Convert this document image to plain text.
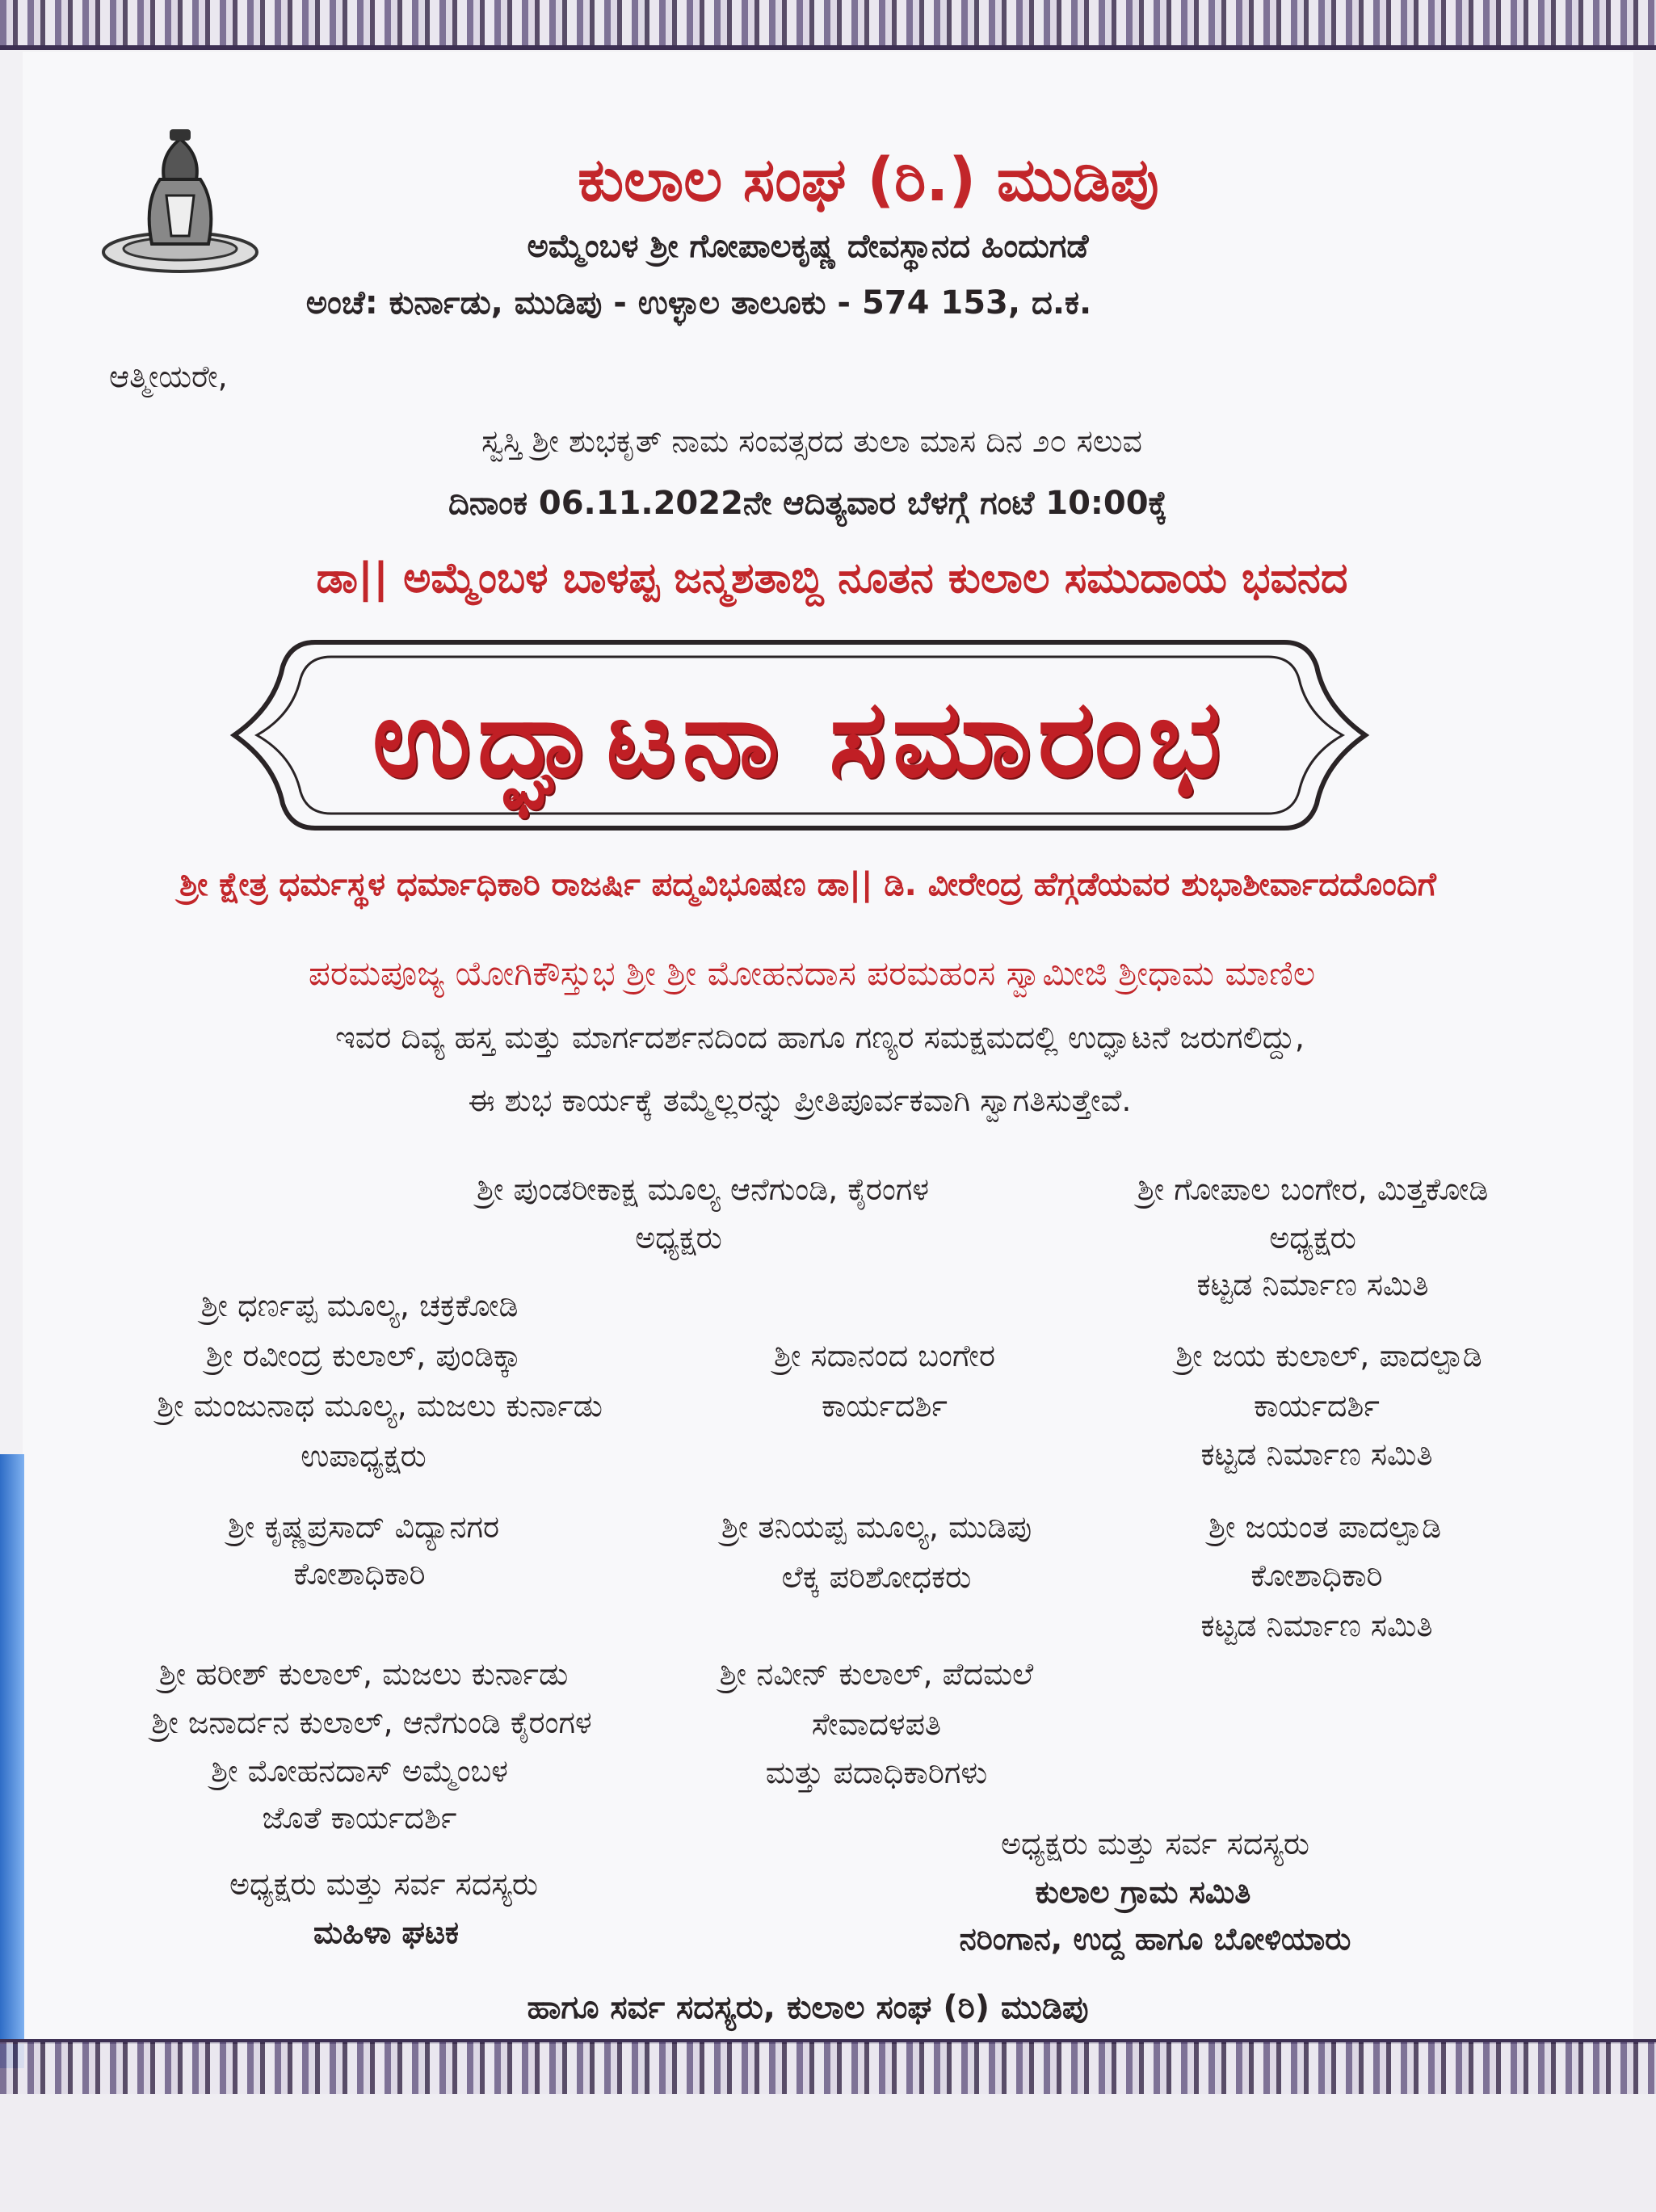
ಕುಲಾಲ ಸಂಘ (ರಿ.) ಮುಡಿಪು
ಅಮ್ಮೆಂಬಳ ಶ್ರೀ ಗೋಪಾಲಕೃಷ್ಣ ದೇವಸ್ಥಾನದ ಹಿಂದುಗಡೆ
ಅಂಚೆ: ಕುರ್ನಾಡು, ಮುಡಿಪು - ಉಳ್ಳಾಲ ತಾಲೂಕು - 574 153, ದ.ಕ.
ಆತ್ಮೀಯರೇ,
ಸ್ವಸ್ತಿ ಶ್ರೀ ಶುಭಕೃತ್ ನಾಮ ಸಂವತ್ಸರದ ತುಲಾ ಮಾಸ ದಿನ ೨೦ ಸಲುವ
ದಿನಾಂಕ 06.11.2022ನೇ ಆದಿತ್ಯವಾರ ಬೆಳಗ್ಗೆ ಗಂಟೆ 10:00ಕ್ಕೆ
ಡಾ|| ಅಮ್ಮೆಂಬಳ ಬಾಳಪ್ಪ ಜನ್ಮಶತಾಬ್ದಿ ನೂತನ ಕುಲಾಲ ಸಮುದಾಯ ಭವನದ
ಉದ್ಘಾಟನಾ ಸಮಾರಂಭ
ಶ್ರೀ ಕ್ಷೇತ್ರ ಧರ್ಮಸ್ಥಳ ಧರ್ಮಾಧಿಕಾರಿ ರಾಜರ್ಷಿ ಪದ್ಮವಿಭೂಷಣ ಡಾ|| ಡಿ. ವೀರೇಂದ್ರ ಹೆಗ್ಗಡೆಯವರ ಶುಭಾಶೀರ್ವಾದದೊಂದಿಗೆ
ಪರಮಪೂಜ್ಯ ಯೋಗಿಕೌಸ್ತುಭ ಶ್ರೀ ಶ್ರೀ ಮೋಹನದಾಸ ಪರಮಹಂಸ ಸ್ವಾಮೀಜಿ ಶ್ರೀಧಾಮ ಮಾಣಿಲ
ಇವರ ದಿವ್ಯ ಹಸ್ತ ಮತ್ತು ಮಾರ್ಗದರ್ಶನದಿಂದ ಹಾಗೂ ಗಣ್ಯರ ಸಮಕ್ಷಮದಲ್ಲಿ ಉದ್ಘಾಟನೆ ಜರುಗಲಿದ್ದು,
ಈ ಶುಭ ಕಾರ್ಯಕ್ಕೆ ತಮ್ಮೆಲ್ಲರನ್ನು ಪ್ರೀತಿಪೂರ್ವಕವಾಗಿ ಸ್ವಾಗತಿಸುತ್ತೇವೆ.
ಶ್ರೀ ಪುಂಡರೀಕಾಕ್ಷ ಮೂಲ್ಯ ಆನೆಗುಂಡಿ, ಕೈರಂಗಳ
ಅಧ್ಯಕ್ಷರು
ಶ್ರೀ ಗೋಪಾಲ ಬಂಗೇರ, ಮಿತ್ತಕೋಡಿ
ಅಧ್ಯಕ್ಷರು
ಕಟ್ಟಡ ನಿರ್ಮಾಣ ಸಮಿತಿ
ಶ್ರೀ ಧರ್ಣಪ್ಪ ಮೂಲ್ಯ, ಚಕ್ರಕೋಡಿ
ಶ್ರೀ ರವೀಂದ್ರ ಕುಲಾಲ್, ಪುಂಡಿಕ್ಕಾ
ಶ್ರೀ ಮಂಜುನಾಥ ಮೂಲ್ಯ, ಮಜಲು ಕುರ್ನಾಡು
ಉಪಾಧ್ಯಕ್ಷರು
ಶ್ರೀ ಸದಾನಂದ ಬಂಗೇರ
ಕಾರ್ಯದರ್ಶಿ
ಶ್ರೀ ಜಯ ಕುಲಾಲ್, ಪಾದಲ್ಪಾಡಿ
ಕಾರ್ಯದರ್ಶಿ
ಕಟ್ಟಡ ನಿರ್ಮಾಣ ಸಮಿತಿ
ಶ್ರೀ ಕೃಷ್ಣಪ್ರಸಾದ್ ವಿದ್ಯಾನಗರ
ಕೋಶಾಧಿಕಾರಿ
ಶ್ರೀ ತನಿಯಪ್ಪ ಮೂಲ್ಯ, ಮುಡಿಪು
ಲೆಕ್ಕ ಪರಿಶೋಧಕರು
ಶ್ರೀ ಜಯಂತ ಪಾದಲ್ಪಾಡಿ
ಕೋಶಾಧಿಕಾರಿ
ಕಟ್ಟಡ ನಿರ್ಮಾಣ ಸಮಿತಿ
ಶ್ರೀ ಹರೀಶ್ ಕುಲಾಲ್, ಮಜಲು ಕುರ್ನಾಡು
ಶ್ರೀ ಜನಾರ್ದನ ಕುಲಾಲ್, ಆನೆಗುಂಡಿ ಕೈರಂಗಳ
ಶ್ರೀ ಮೋಹನದಾಸ್ ಅಮ್ಮೆಂಬಳ
ಜೊತೆ ಕಾರ್ಯದರ್ಶಿ
ಶ್ರೀ ನವೀನ್ ಕುಲಾಲ್, ಪೆದಮಲೆ
ಸೇವಾದಳಪತಿ
ಮತ್ತು ಪದಾಧಿಕಾರಿಗಳು
ಅಧ್ಯಕ್ಷರು ಮತ್ತು ಸರ್ವ ಸದಸ್ಯರು
ಮಹಿಳಾ ಘಟಕ
ಅಧ್ಯಕ್ಷರು ಮತ್ತು ಸರ್ವ ಸದಸ್ಯರು
ಕುಲಾಲ ಗ್ರಾಮ ಸಮಿತಿ
ನರಿಂಗಾನ, ಉದ್ದ ಹಾಗೂ ಬೋಳಿಯಾರು
ಹಾಗೂ ಸರ್ವ ಸದಸ್ಯರು, ಕುಲಾಲ ಸಂಘ (ರಿ) ಮುಡಿಪು
